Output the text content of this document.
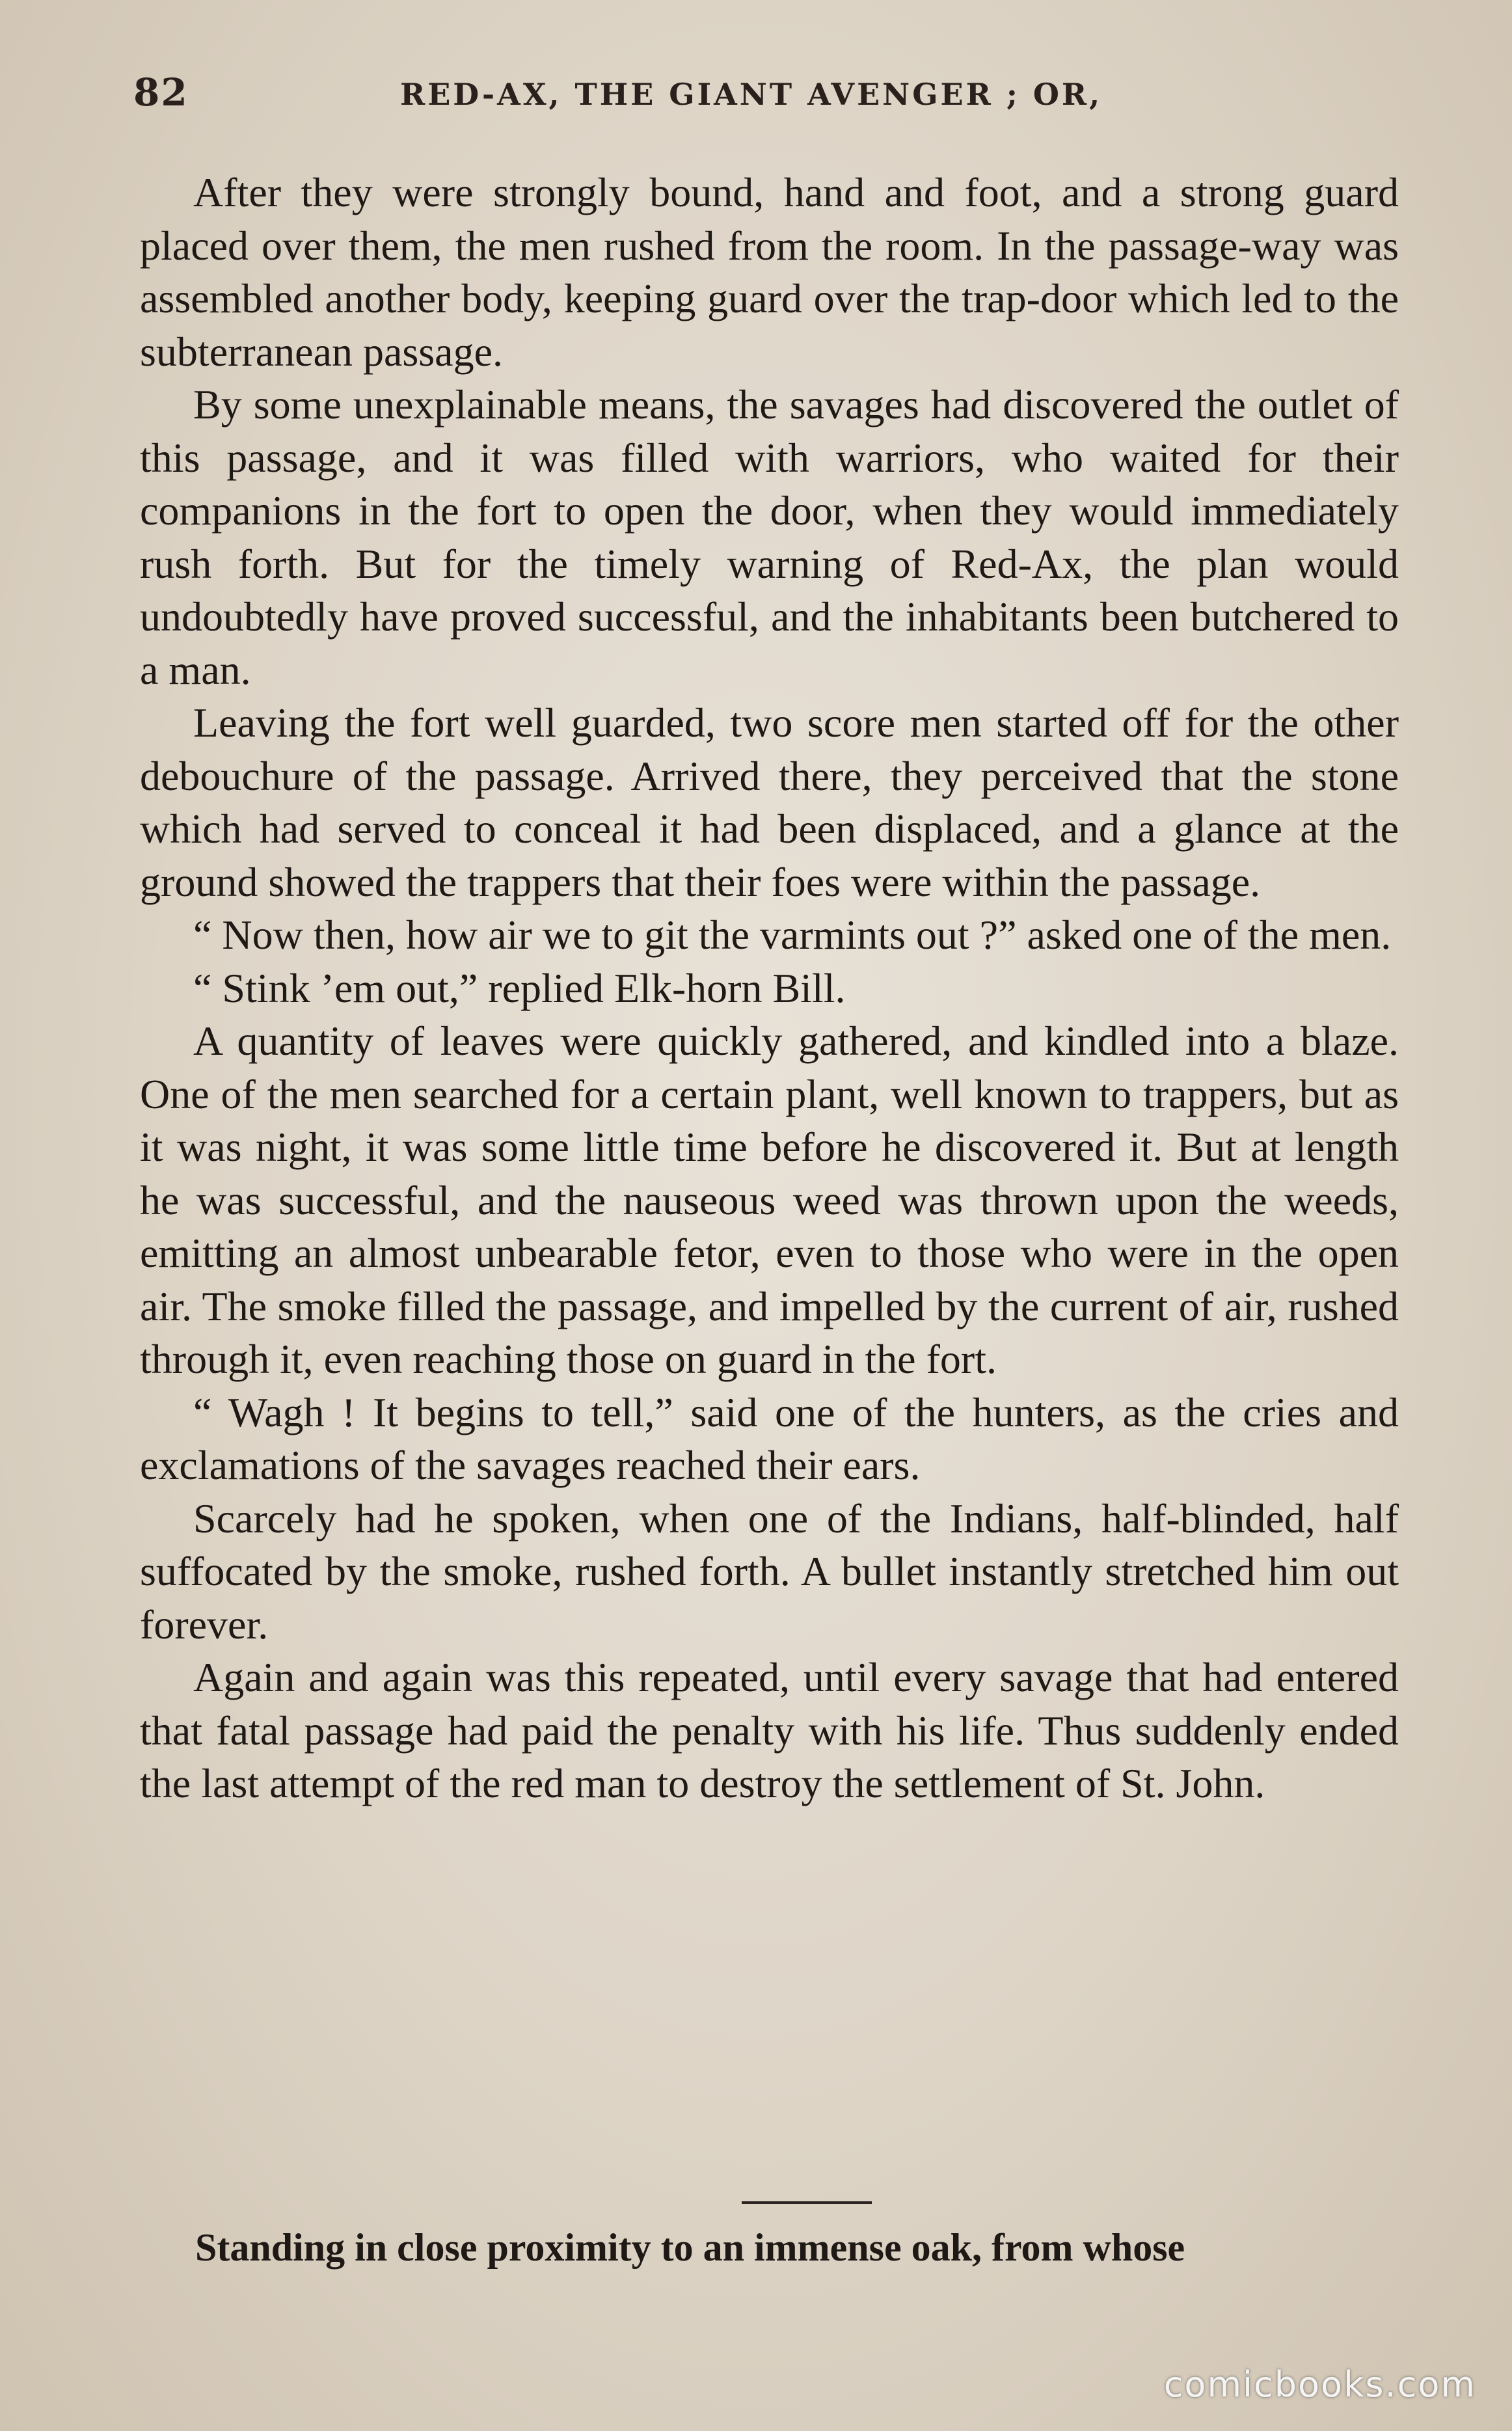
82	RED-AX, THE GIANT AVENGER ; OR,

After they were strongly bound, hand and foot, and a strong guard placed over them, the men rushed from the room. In the passage-way was assembled another body, keeping guard over the trap-door which led to the subterranean passage.

By some unexplainable means, the savages had discovered the outlet of this passage, and it was filled with warriors, who waited for their companions in the fort to open the door, when they would immediately rush forth. But for the timely warning of Red-Ax, the plan would undoubtedly have proved successful, and the inhabitants been butchered to a man.

Leaving the fort well guarded, two score men started off for the other debouchure of the passage. Arrived there, they perceived that the stone which had served to conceal it had been displaced, and a glance at the ground showed the trappers that their foes were within the passage.

“ Now then, how air we to git the varmints out ?” asked one of the men.

“ Stink ’em out,” replied Elk-horn Bill.

A quantity of leaves were quickly gathered, and kindled into a blaze. One of the men searched for a certain plant, well known to trappers, but as it was night, it was some little time before he discovered it. But at length he was successful, and the nauseous weed was thrown upon the weeds, emitting an almost unbearable fetor, even to those who were in the open air. The smoke filled the passage, and impelled by the current of air, rushed through it, even reaching those on guard in the fort.

“ Wagh ! It begins to tell,” said one of the hunters, as the cries and exclamations of the savages reached their ears.

Scarcely had he spoken, when one of the Indians, half-blinded, half suffocated by the smoke, rushed forth. A bullet instantly stretched him out forever.

Again and again was this repeated, until every savage that had entered that fatal passage had paid the penalty with his life. Thus suddenly ended the last attempt of the red man to destroy the settlement of St. John.

Standing in close proximity to an immense oak, from whose
comicbooks.com
